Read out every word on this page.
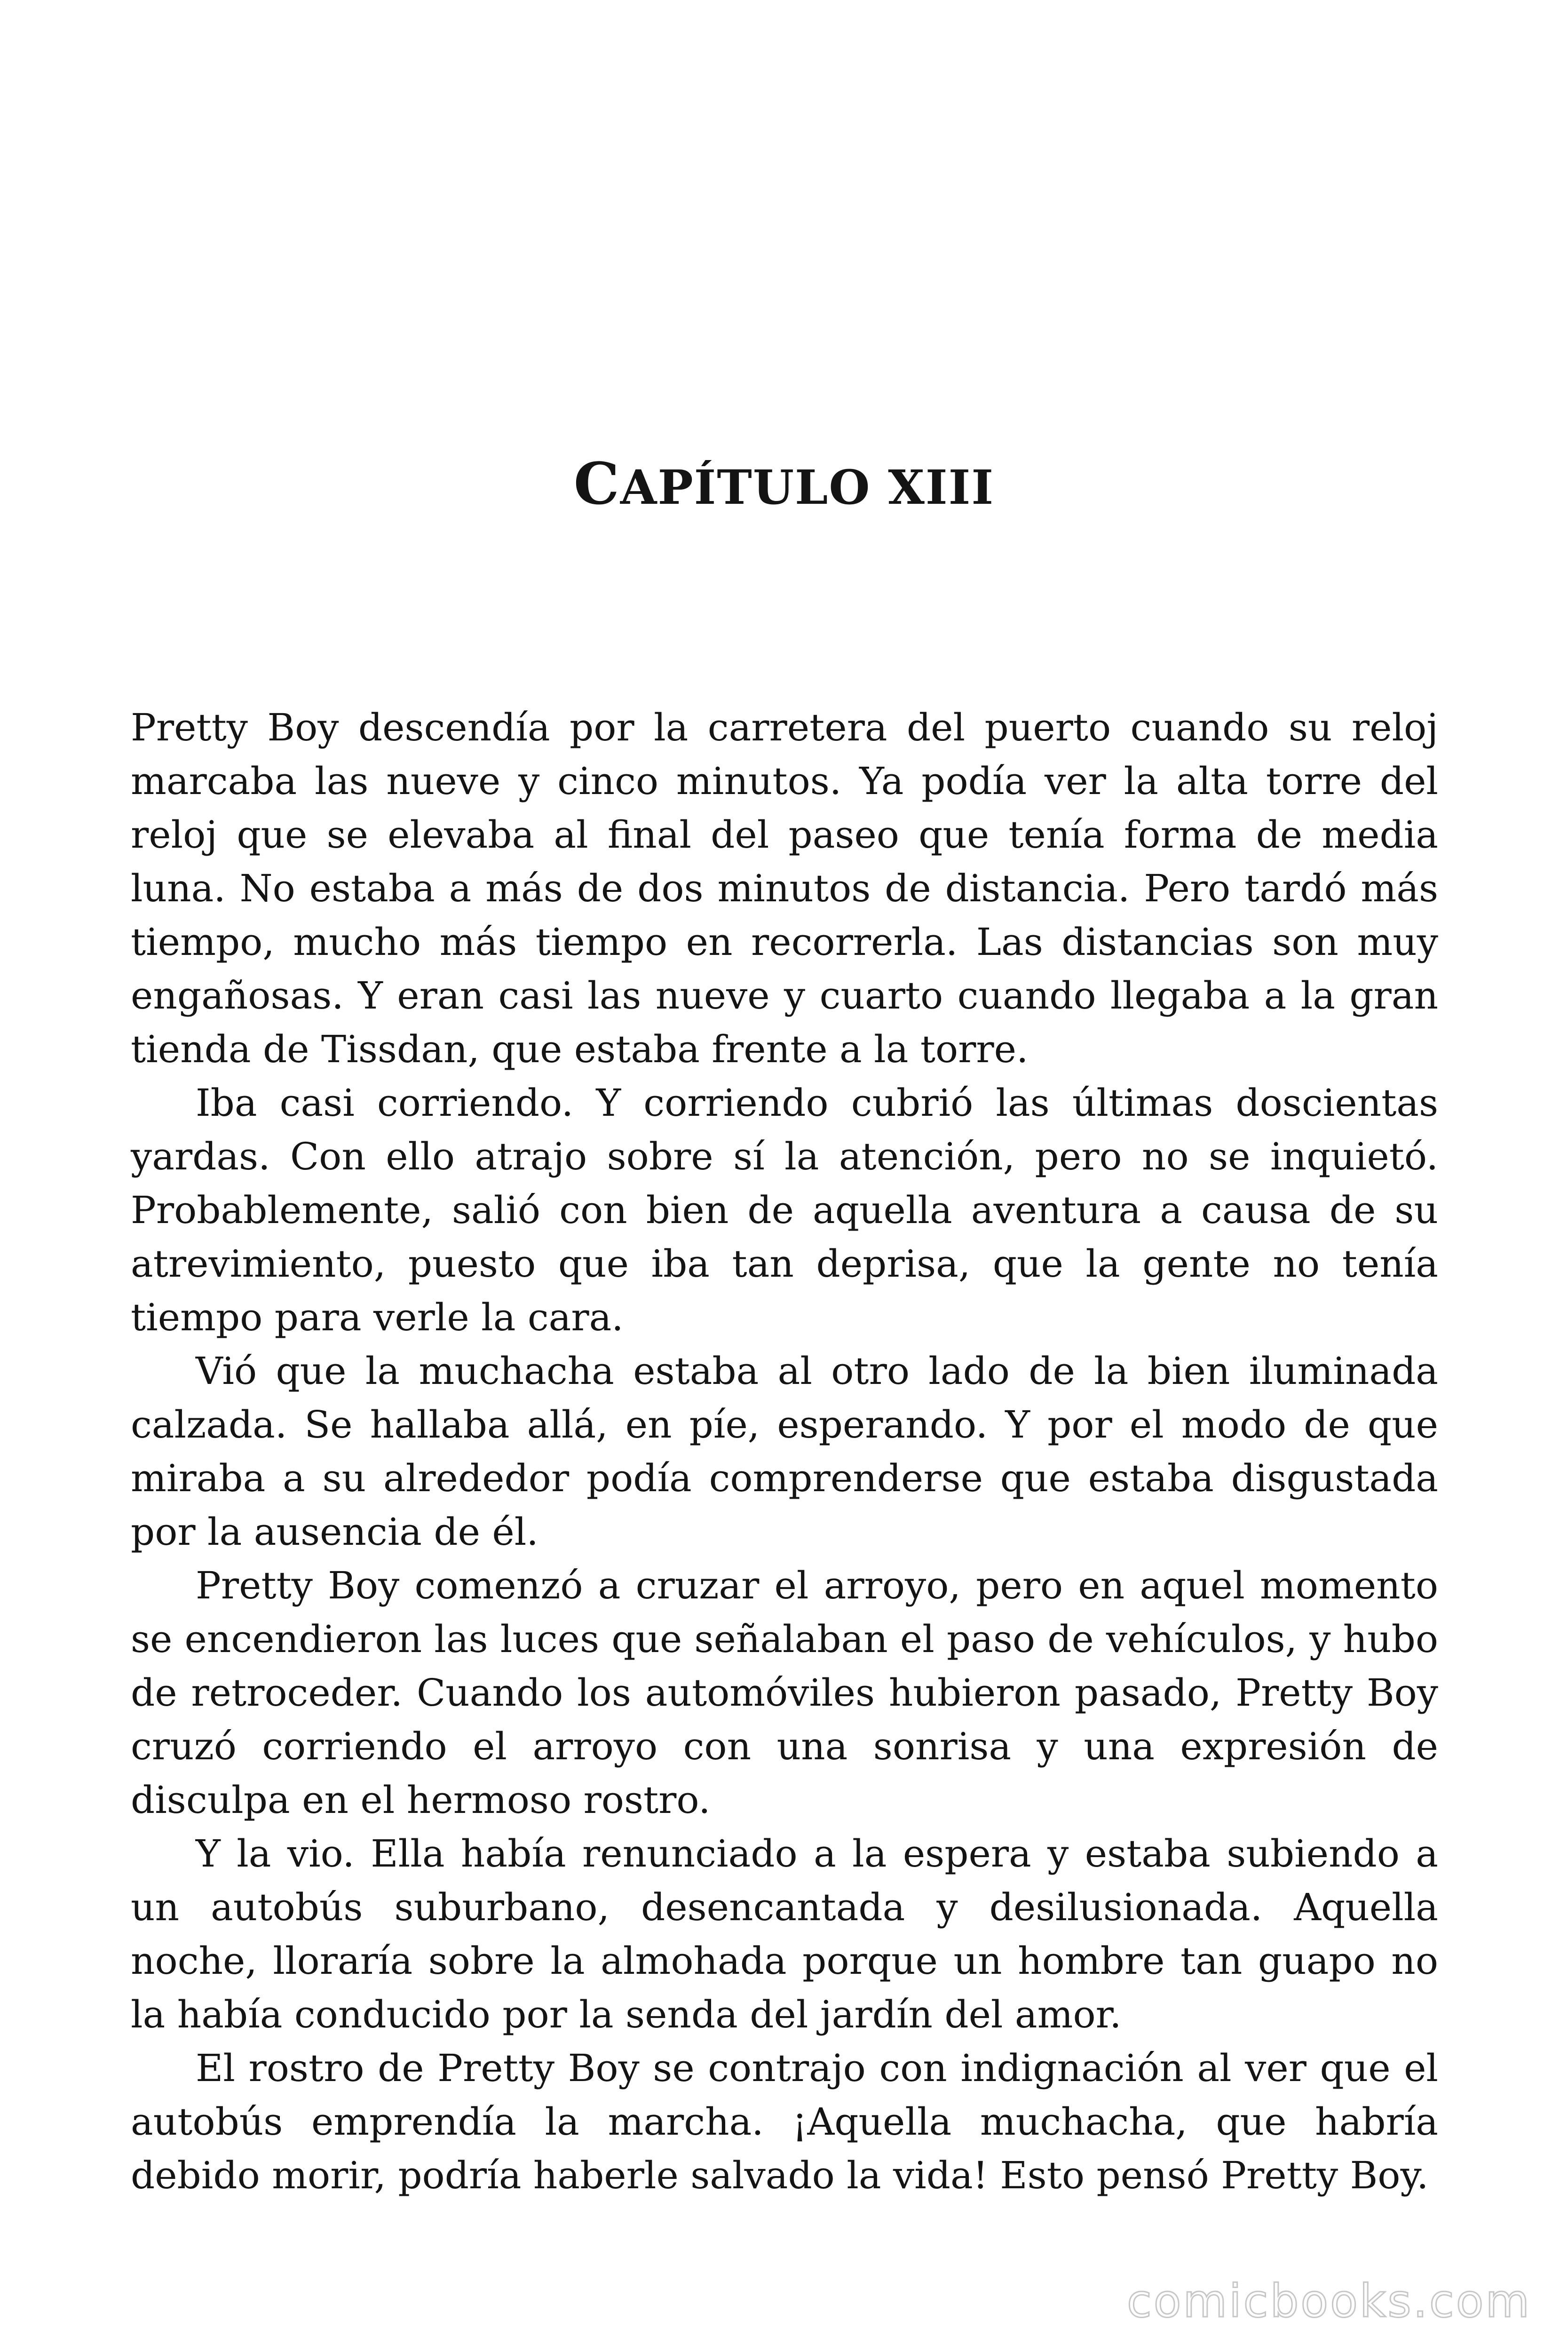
CAPÍTULO XIII

Pretty Boy descendía por la carretera del puerto cuando su reloj marcaba las nueve y cinco minutos. Ya podía ver la alta torre del reloj que se elevaba al final del paseo que tenía forma de media luna. No estaba a más de dos minutos de distancia. Pero tardó más tiempo, mucho más tiempo en recorrerla. Las distancias son muy engañosas. Y eran casi las nueve y cuarto cuando llegaba a la gran tienda de Tissdan, que estaba frente a la torre.

Iba casi corriendo. Y corriendo cubrió las últimas doscientas yardas. Con ello atrajo sobre sí la atención, pero no se inquietó. Probablemente, salió con bien de aquella aventura a causa de su atrevimiento, puesto que iba tan deprisa, que la gente no tenía tiempo para verle la cara.

Vió que la muchacha estaba al otro lado de la bien iluminada calzada. Se hallaba allá, en píe, esperando. Y por el modo de que miraba a su alrededor podía comprenderse que estaba disgustada por la ausencia de él.

Pretty Boy comenzó a cruzar el arroyo, pero en aquel momento se encendieron las luces que señalaban el paso de vehículos, y hubo de retroceder. Cuando los automóviles hubieron pasado, Pretty Boy cruzó corriendo el arroyo con una sonrisa y una expresión de disculpa en el hermoso rostro.

Y la vio. Ella había renunciado a la espera y estaba subiendo a un autobús suburbano, desencantada y desilusionada. Aquella noche, lloraría sobre la almohada porque un hombre tan guapo no la había conducido por la senda del jardín del amor.

El rostro de Pretty Boy se contrajo con indignación al ver que el autobús emprendía la marcha. ¡Aquella muchacha, que habría debido morir, podría haberle salvado la vida! Esto pensó Pretty Boy.

comicbooks.com
